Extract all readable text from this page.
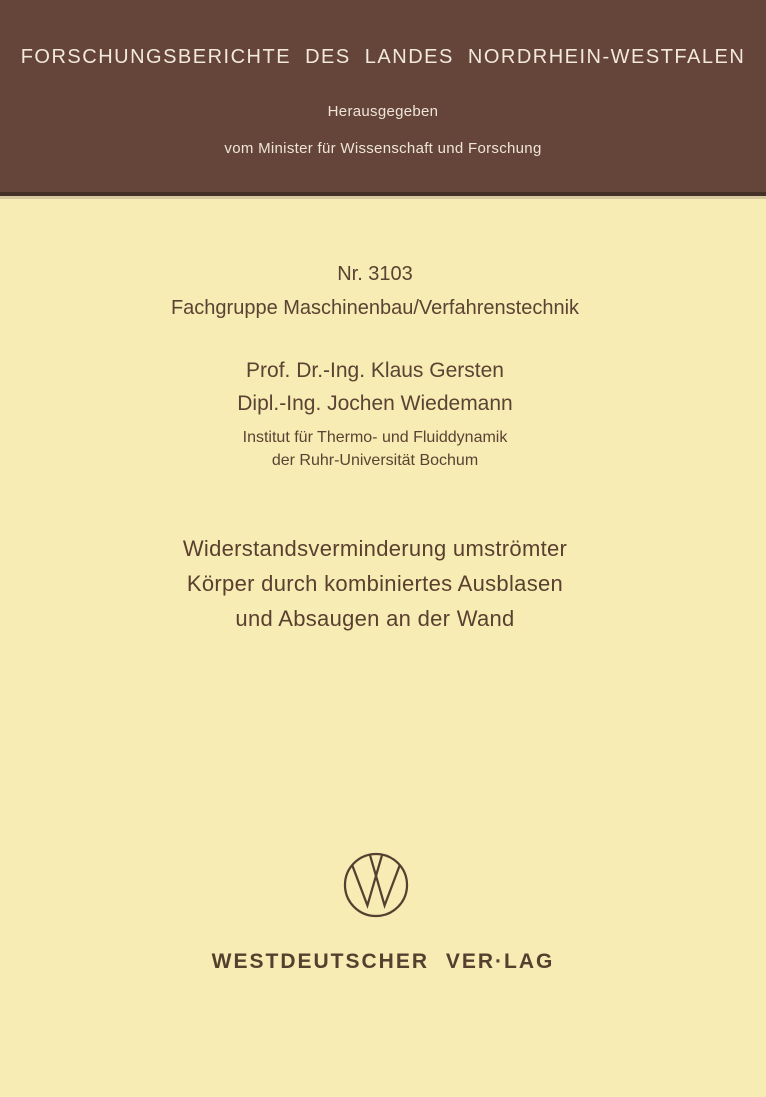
FORSCHUNGSBERICHTE DES LANDES NORDRHEIN-WESTFALEN
Herausgegeben
vom Minister für Wissenschaft und Forschung
Nr. 3103
Fachgruppe Maschinenbau/Verfahrenstechnik
Prof. Dr.-Ing. Klaus Gersten
Dipl.-Ing. Jochen Wiedemann
Institut für Thermo- und Fluiddynamik
der Ruhr-Universität Bochum
Widerstandsverminderung umströmter
Körper durch kombiniertes Ausblasen
und Absaugen an der Wand
WESTDEUTSCHER VER·LAG
